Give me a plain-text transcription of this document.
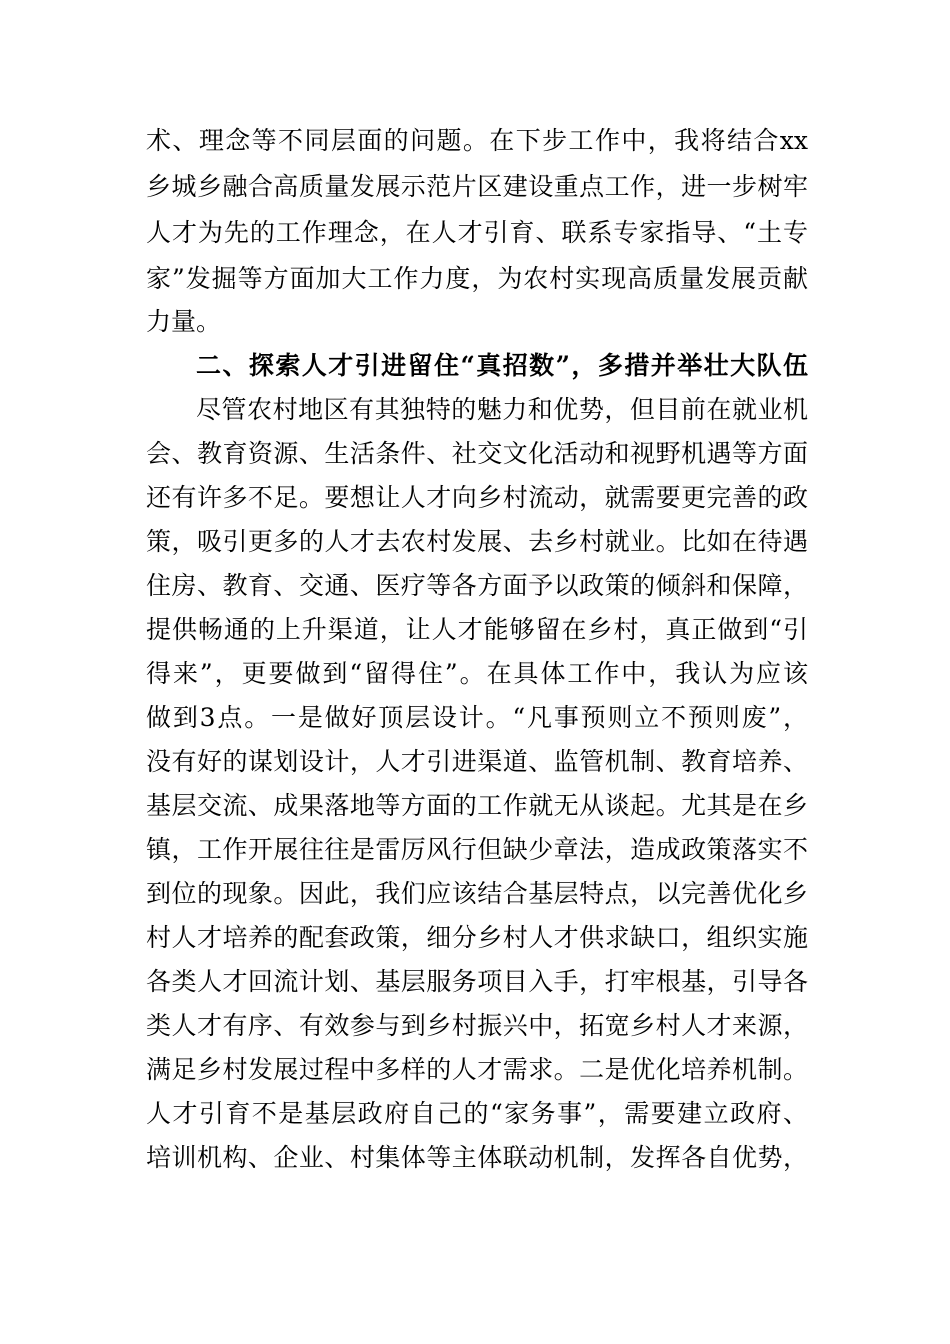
术、理念等不同层面的问题。在下步工作中，我将结合xx
乡城乡融合高质量发展示范片区建设重点工作，进一步树牢
人才为先的工作理念，在人才引育、联系专家指导、“土专
家”发掘等方面加大工作力度，为农村实现高质量发展贡献
力量。
二、探索人才引进留住“真招数”，多措并举壮大队伍
尽管农村地区有其独特的魅力和优势，但目前在就业机
会、教育资源、生活条件、社交文化活动和视野机遇等方面
还有许多不足。要想让人才向乡村流动，就需要更完善的政
策，吸引更多的人才去农村发展、去乡村就业。比如在待遇
住房、教育、交通、医疗等各方面予以政策的倾斜和保障，
提供畅通的上升渠道，让人才能够留在乡村，真正做到“引
得来”，更要做到“留得住”。在具体工作中，我认为应该
做到3点。一是做好顶层设计。“凡事预则立不预则废”，
没有好的谋划设计，人才引进渠道、监管机制、教育培养、
基层交流、成果落地等方面的工作就无从谈起。尤其是在乡
镇，工作开展往往是雷厉风行但缺少章法，造成政策落实不
到位的现象。因此，我们应该结合基层特点，以完善优化乡
村人才培养的配套政策，细分乡村人才供求缺口，组织实施
各类人才回流计划、基层服务项目入手，打牢根基，引导各
类人才有序、有效参与到乡村振兴中，拓宽乡村人才来源，
满足乡村发展过程中多样的人才需求。二是优化培养机制。
人才引育不是基层政府自己的“家务事”，需要建立政府、
培训机构、企业、村集体等主体联动机制，发挥各自优势，
